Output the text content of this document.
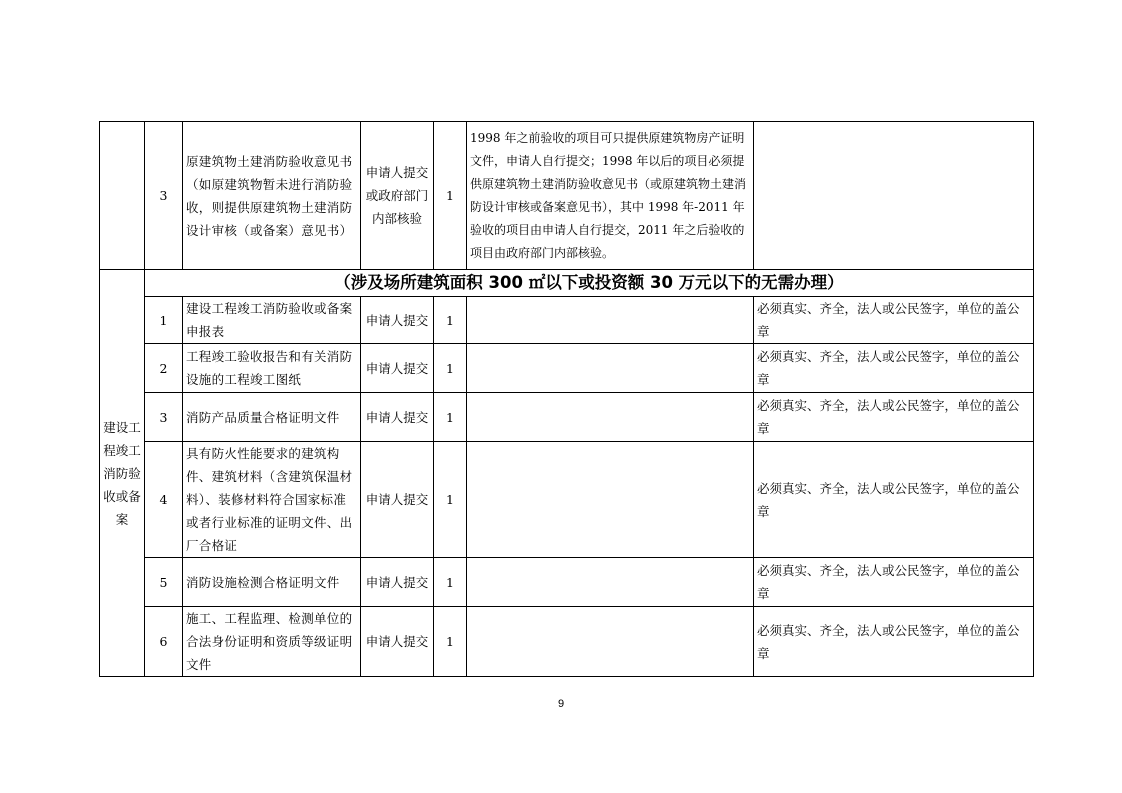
	3	原建筑物土建消防验收意见书（如原建筑物暂未进行消防验收，则提供原建筑物土建消防设计审核（或备案）意见书）	申请人提交或政府部门内部核验	1	1998 年之前验收的项目可只提供原建筑物房产证明文件，申请人自行提交；1998 年以后的项目必须提供原建筑物土建消防验收意见书（或原建筑物土建消防设计审核或备案意见书），其中 1998 年-2011 年验收的项目由申请人自行提交，2011 年之后验收的项目由政府部门内部核验。	
建设工程竣工消防验收或备案	（涉及场所建筑面积 300 ㎡以下或投资额 30 万元以下的无需办理）					
	1	建设工程竣工消防验收或备案申报表	申请人提交	1		必须真实、齐全，法人或公民签字，单位的盖公章
	2	工程竣工验收报告和有关消防设施的工程竣工图纸	申请人提交	1		必须真实、齐全，法人或公民签字，单位的盖公章
	3	消防产品质量合格证明文件	申请人提交	1		必须真实、齐全，法人或公民签字，单位的盖公章
	4	具有防火性能要求的建筑构件、建筑材料（含建筑保温材料）、装修材料符合国家标准或者行业标准的证明文件、出厂合格证	申请人提交	1		必须真实、齐全，法人或公民签字，单位的盖公章
	5	消防设施检测合格证明文件	申请人提交	1		必须真实、齐全，法人或公民签字，单位的盖公章
	6	施工、工程监理、检测单位的合法身份证明和资质等级证明文件	申请人提交	1		必须真实、齐全，法人或公民签字，单位的盖公章
9
